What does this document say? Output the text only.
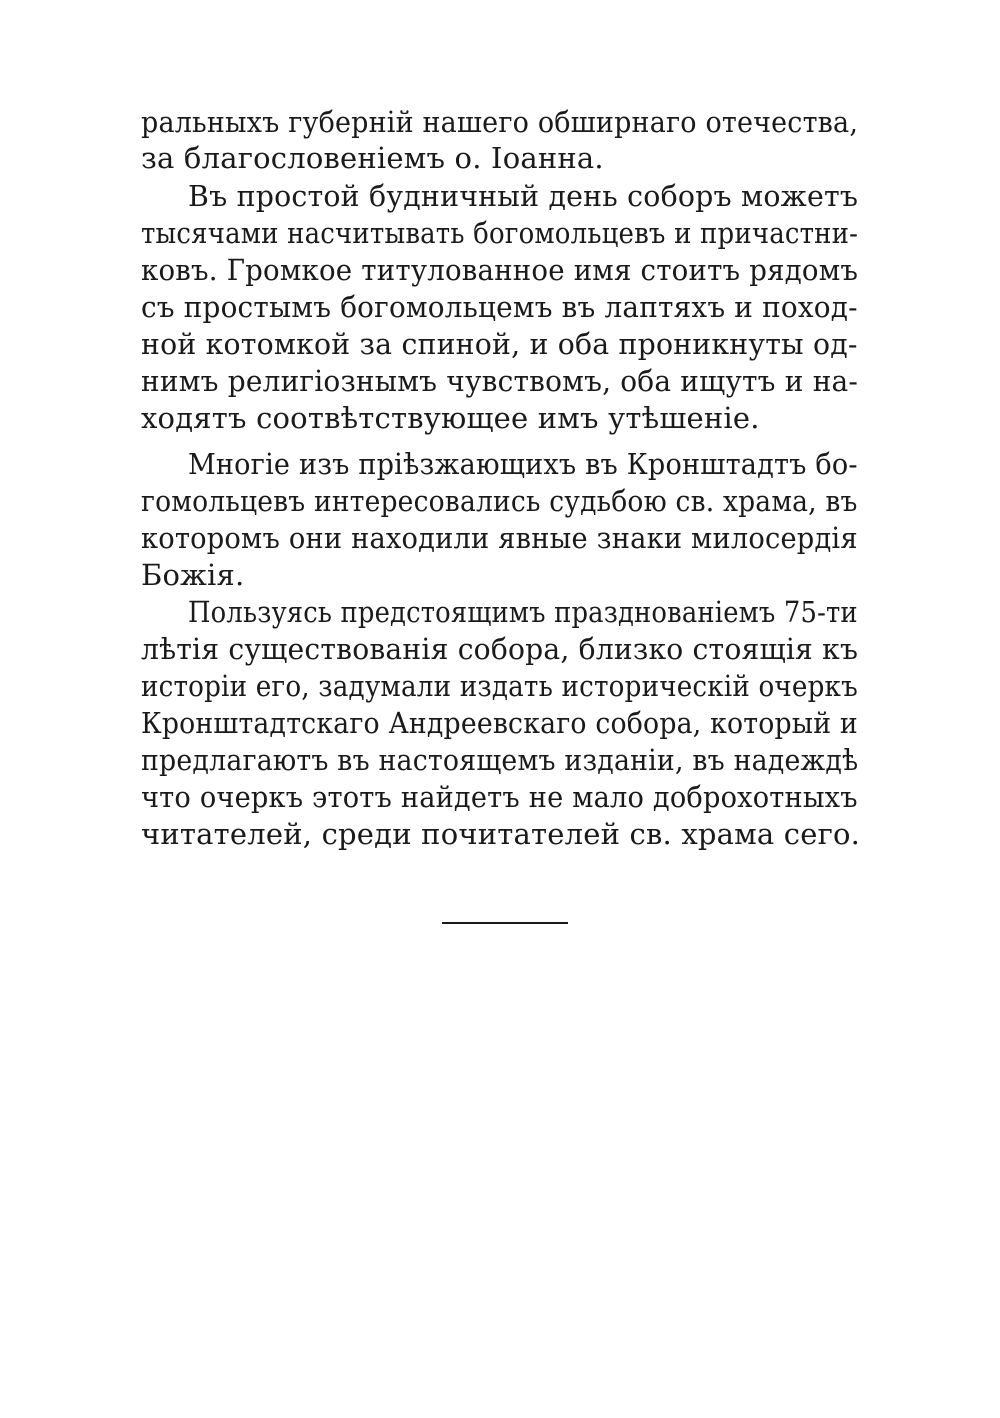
ральныхъ губерній нашего обширнаго отечества,
за благословеніемъ о. Іоанна.
Въ простой будничный день соборъ можетъ
тысячами насчитывать богомольцевъ и причастни-
ковъ. Громкое титулованное имя стоитъ рядомъ
съ простымъ богомольцемъ въ лаптяхъ и поход-
ной котомкой за спиной, и оба проникнуты од-
нимъ религіознымъ чувствомъ, оба ищутъ и на-
ходятъ соотвѣтствующее имъ утѣшеніе.
Многіе изъ пріѣзжающихъ въ Кронштадтъ бо-
гомольцевъ интересовались судьбою св. храма, въ
которомъ они находили явные знаки милосердія
Божія.
Пользуясь предстоящимъ празднованіемъ 75-ти
лѣтія существованія собора, близко стоящія къ
исторіи его, задумали издать историческій очеркъ
Кронштадтскаго Андреевскаго собора, который и
предлагаютъ въ настоящемъ изданіи, въ надеждѣ
что очеркъ этотъ найдетъ не мало доброхотныхъ
читателей, среди почитателей св. храма сего.
